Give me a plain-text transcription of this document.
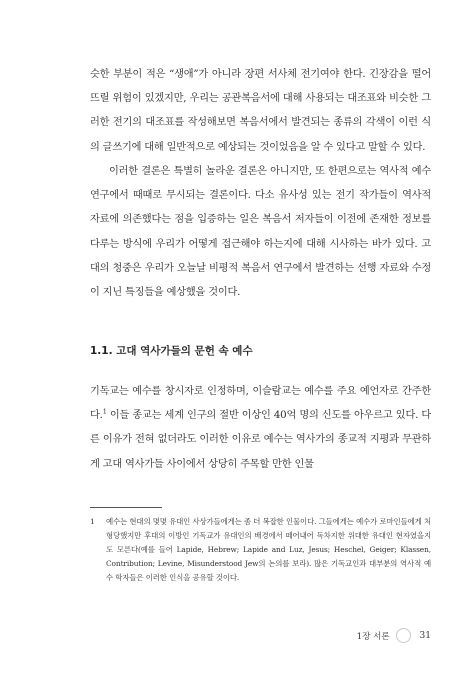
슷한 부분이 적은 “생애”가 아니라 장편 서사체 전기여야 한다. 긴장감을 떨어뜨릴 위험이 있겠지만, 우리는 공관복음서에 대해 사용되는 대조표와 비슷한 그러한 전기의 대조표를 작성해보면 복음서에서 발견되는 종류의 각색이 이런 식의 글쓰기에 대해 일반적으로 예상되는 것이었음을 알 수 있다고 말할 수 있다.

이러한 결론은 특별히 놀라운 결론은 아니지만, 또 한편으로는 역사적 예수 연구에서 때때로 무시되는 결론이다. 다소 유사성 있는 전기 작가들이 역사적 자료에 의존했다는 점을 입증하는 일은 복음서 저자들이 이전에 존재한 정보를 다루는 방식에 우리가 어떻게 접근해야 하는지에 대해 시사하는 바가 있다. 고대의 청중은 우리가 오늘날 비평적 복음서 연구에서 발견하는 선행 자료와 수정이 지닌 특징들을 예상했을 것이다.

1.1. 고대 역사가들의 문헌 속 예수

기독교는 예수를 창시자로 인정하며, 이슬람교는 예수를 주요 예언자로 간주한다.$^1$ 이들 종교는 세계 인구의 절반 이상인 40억 명의 신도를 아우르고 있다. 다른 이유가 전혀 없더라도 이러한 이유로 예수는 역사가의 종교적 지평과 무관하게 고대 역사가들 사이에서 상당히 주목할 만한 인물

1 예수는 현대의 몇몇 유대인 사상가들에게는 좀 더 복잡한 인물이다. 그들에게는 예수가 로마인들에게 처형당했지만 후대의 이방인 기독교가 유대인의 배경에서 떼어내어 독차지한 위대한 유대인 현자였을지도 모른다(예를 들어 Lapide, Hebrew; Lapide and Luz, Jesus; Heschel, Geiger; Klassen, Contribution; Levine, Misunderstood Jew의 논의를 보라). 많은 기독교인과 대부분의 역사적 예수 학자들은 이러한 인식을 공유할 것이다.
1장 서론	31
